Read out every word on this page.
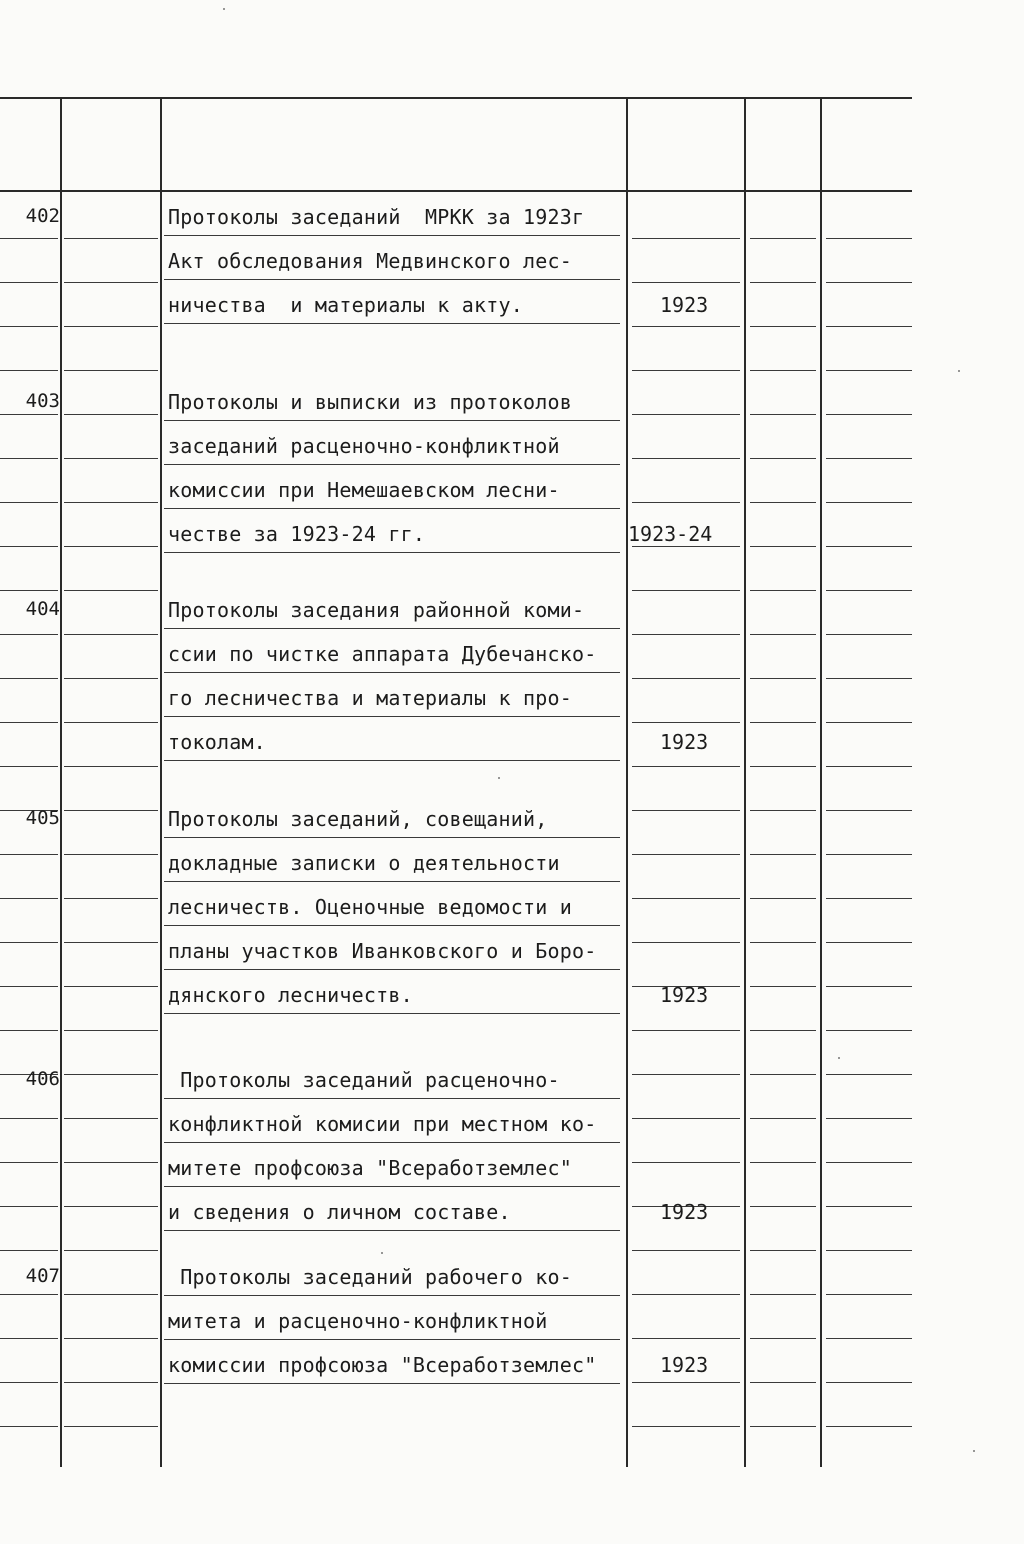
402	Протоколы заседаний  МРКК за 1923г
Акт обследования Медвинского лес-
ничества  и материалы к акту.	1923
403	Протоколы и выписки из протоколов
заседаний расценочно-конфликтной
комиссии при Немешаевском лесни-
честве за 1923-24 гг.	1923-24
404	Протоколы заседания районной коми-
ссии по чистке аппарата Дубечанско-
го лесничества и материалы к про-
токолам.	1923
405	Протоколы заседаний, совещаний,
докладные записки о деятельности
лесничеств. Оценочные ведомости и
планы участков Иванковского и Боро-
дянского лесничеств.	1923
406	Протоколы заседаний расценочно-
конфликтной комисии при местном ко-
митете профсоюза "Всеработземлес"
и сведения о личном составе.	1923
407	Протоколы заседаний рабочего ко-
митета и расценочно-конфликтной
комиссии профсоюза "Всеработземлес"	1923
